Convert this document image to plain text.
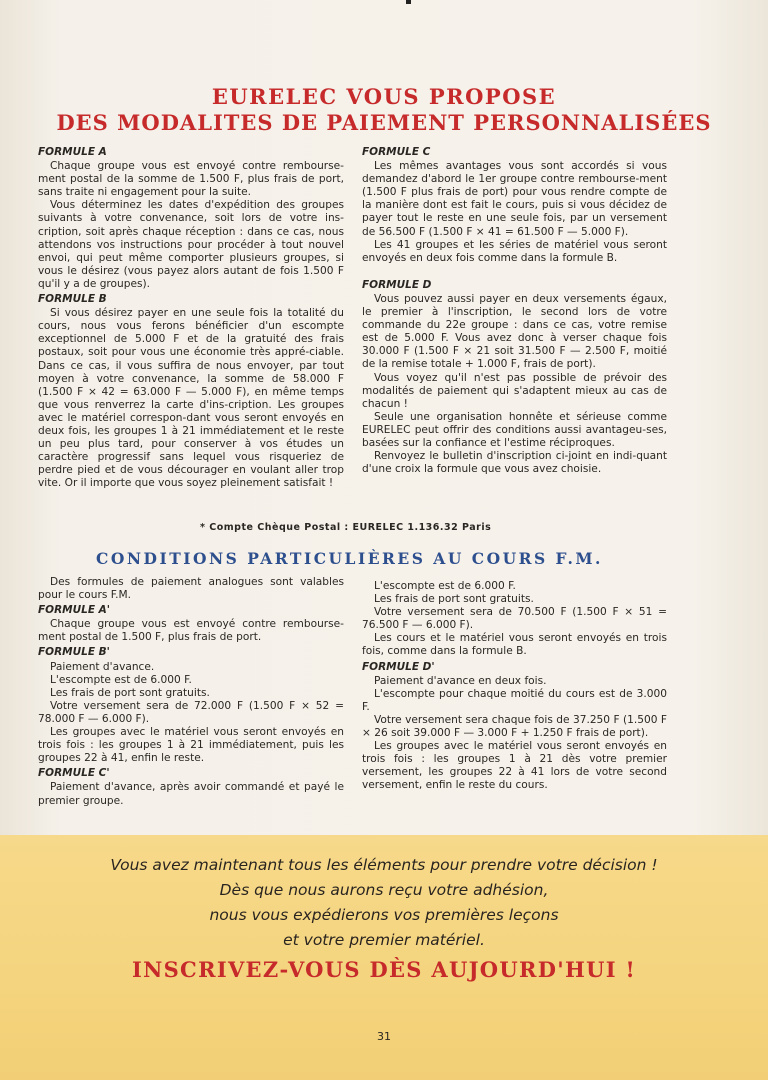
EURELEC VOUS PROPOSE
DES MODALITES DE PAIEMENT PERSONNALISÉES

FORMULE A

Chaque groupe vous est envoyé contre rembourse-ment postal de la somme de 1.500 F, plus frais de port, sans traite ni engagement pour la suite.

Vous déterminez les dates d'expédition des groupes suivants à votre convenance, soit lors de votre ins-cription, soit après chaque réception : dans ce cas, nous attendons vos instructions pour procéder à tout nouvel envoi, qui peut même comporter plusieurs groupes, si vous le désirez (vous payez alors autant de fois 1.500 F qu'il y a de groupes).

FORMULE B

Si vous désirez payer en une seule fois la totalité du cours, nous vous ferons bénéficier d'un escompte exceptionnel de 5.000 F et de la gratuité des frais postaux, soit pour vous une économie très appré-ciable. Dans ce cas, il vous suffira de nous envoyer, par tout moyen à votre convenance, la somme de 58.000 F (1.500 F × 42 = 63.000 F — 5.000 F), en même temps que vous renverrez la carte d'ins-cription. Les groupes avec le matériel correspon-dant vous seront envoyés en deux fois, les groupes 1 à 21 immédiatement et le reste un peu plus tard, pour conserver à vos études un caractère progressif sans lequel vous risqueriez de perdre pied et de vous décourager en voulant aller trop vite. Or il importe que vous soyez pleinement satisfait !

FORMULE C

Les mêmes avantages vous sont accordés si vous demandez d'abord le 1er groupe contre rembourse-ment (1.500 F plus frais de port) pour vous rendre compte de la manière dont est fait le cours, puis si vous décidez de payer tout le reste en une seule fois, par un versement de 56.500 F (1.500 F × 41 = 61.500 F — 5.000 F).

Les 41 groupes et les séries de matériel vous seront envoyés en deux fois comme dans la formule B.

FORMULE D

Vous pouvez aussi payer en deux versements égaux, le premier à l'inscription, le second lors de votre commande du 22e groupe : dans ce cas, votre remise est de 5.000 F. Vous avez donc à verser chaque fois 30.000 F (1.500 F × 21 soit 31.500 F — 2.500 F, moitié de la remise totale + 1.000 F, frais de port).

Vous voyez qu'il n'est pas possible de prévoir des modalités de paiement qui s'adaptent mieux au cas de chacun !

Seule une organisation honnête et sérieuse comme EURELEC peut offrir des conditions aussi avantageu-ses, basées sur la confiance et l'estime réciproques.

Renvoyez le bulletin d'inscription ci-joint en indi-quant d'une croix la formule que vous avez choisie.

* Compte Chèque Postal : EURELEC 1.136.32 Paris
CONDITIONS PARTICULIÈRES AU COURS F.M.

Des formules de paiement analogues sont valables pour le cours F.M.

FORMULE A'

Chaque groupe vous est envoyé contre rembourse-ment postal de 1.500 F, plus frais de port.

FORMULE B'

Paiement d'avance.

L'escompte est de 6.000 F.

Les frais de port sont gratuits.

Votre versement sera de 72.000 F (1.500 F × 52 = 78.000 F — 6.000 F).

Les groupes avec le matériel vous seront envoyés en trois fois : les groupes 1 à 21 immédiatement, puis les groupes 22 à 41, enfin le reste.

FORMULE C'

Paiement d'avance, après avoir commandé et payé le premier groupe.

L'escompte est de 6.000 F.

Les frais de port sont gratuits.

Votre versement sera de 70.500 F (1.500 F × 51 = 76.500 F — 6.000 F).

Les cours et le matériel vous seront envoyés en trois fois, comme dans la formule B.

FORMULE D'

Paiement d'avance en deux fois.

L'escompte pour chaque moitié du cours est de 3.000 F.

Votre versement sera chaque fois de 37.250 F (1.500 F × 26 soit 39.000 F — 3.000 F + 1.250 F frais de port).

Les groupes avec le matériel vous seront envoyés en trois fois : les groupes 1 à 21 dès votre premier versement, les groupes 22 à 41 lors de votre second versement, enfin le reste du cours.

Vous avez maintenant tous les éléments pour prendre votre décision !
Dès que nous aurons reçu votre adhésion,
nous vous expédierons vos premières leçons
et votre premier matériel.
INSCRIVEZ-VOUS DÈS AUJOURD'HUI !
31
